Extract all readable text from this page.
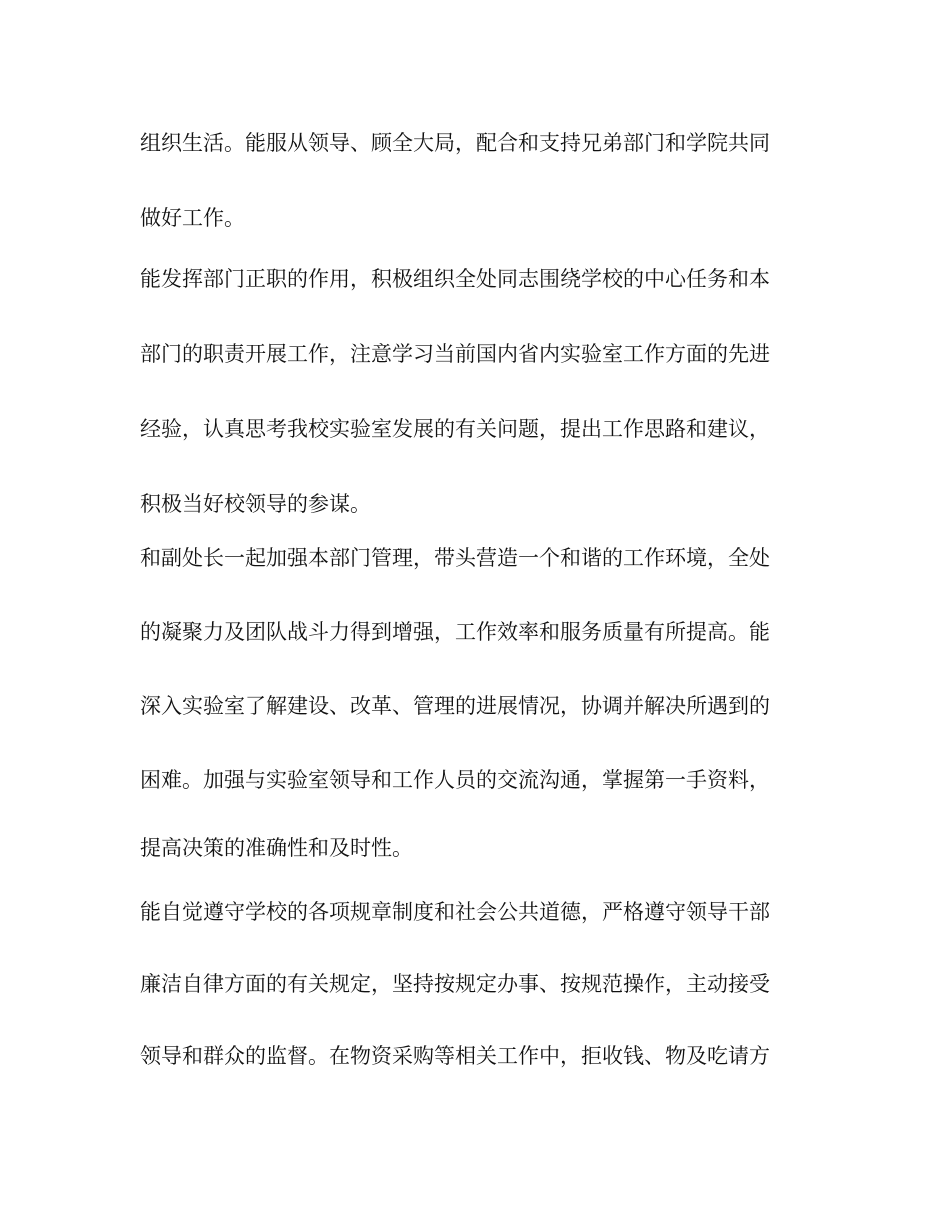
组织生活。能服从领导、顾全大局，配合和支持兄弟部门和学院共同
做好工作。
能发挥部门正职的作用，积极组织全处同志围绕学校的中心任务和本
部门的职责开展工作，注意学习当前国内省内实验室工作方面的先进
经验，认真思考我校实验室发展的有关问题，提出工作思路和建议，
积极当好校领导的参谋。
和副处长一起加强本部门管理，带头营造一个和谐的工作环境，全处
的凝聚力及团队战斗力得到增强，工作效率和服务质量有所提高。能
深入实验室了解建设、改革、管理的进展情况，协调并解决所遇到的
困难。加强与实验室领导和工作人员的交流沟通，掌握第一手资料，
提高决策的准确性和及时性。
能自觉遵守学校的各项规章制度和社会公共道德，严格遵守领导干部
廉洁自律方面的有关规定，坚持按规定办事、按规范操作，主动接受
领导和群众的监督。在物资采购等相关工作中，拒收钱、物及吃请方
